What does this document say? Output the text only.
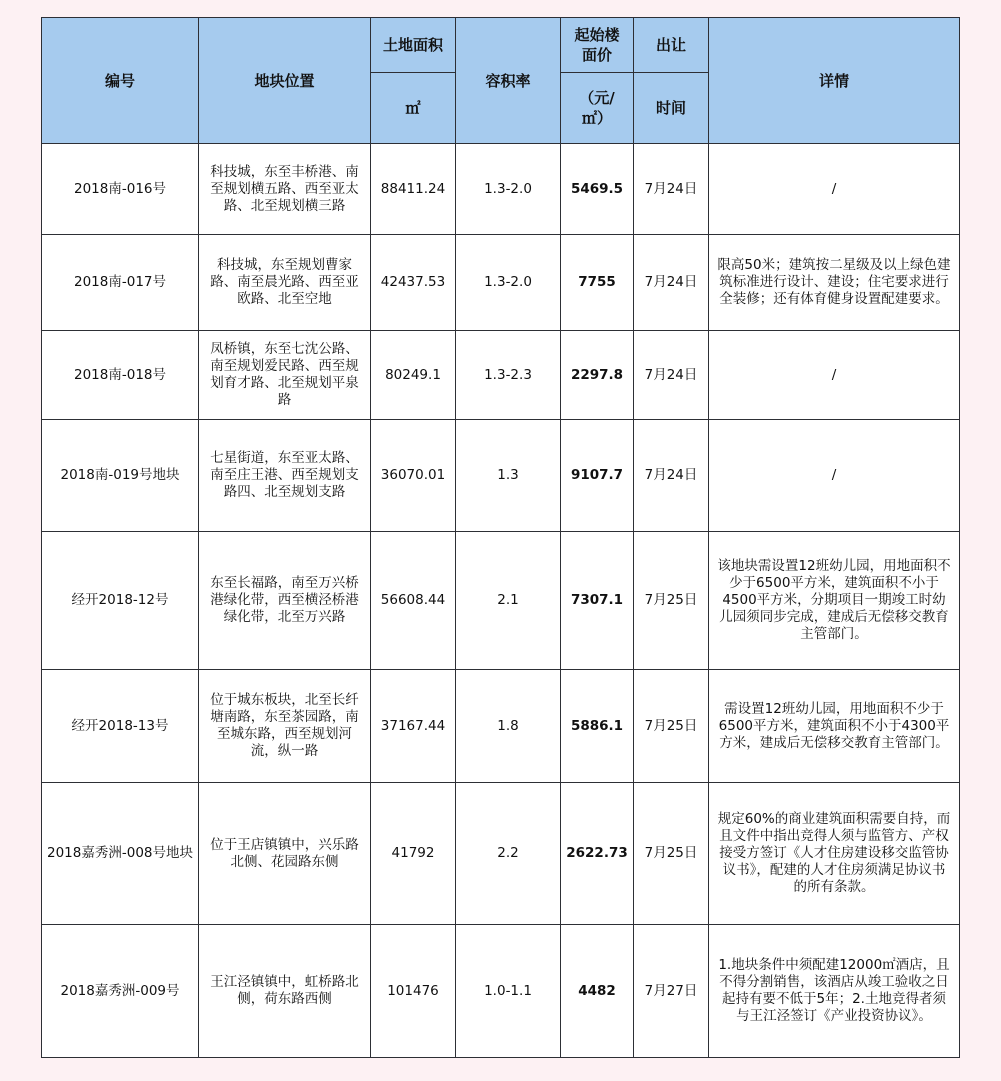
编号	地块位置	土地面积	容积率	起始楼面价	出让	详情
		㎡		（元/㎡）	时间	
2018南-016号	科技城，东至丰桥港、南至规划横五路、西至亚太路、北至规划横三路	88411.24	1.3-2.0	5469.5	7月24日	/
2018南-017号	科技城，东至规划曹家路、南至晨光路、西至亚欧路、北至空地	42437.53	1.3-2.0	7755	7月24日	限高50米；建筑按二星级及以上绿色建筑标准进行设计、建设；住宅要求进行全装修；还有体育健身设置配建要求。
2018南-018号	凤桥镇，东至七沈公路、南至规划爱民路、西至规划育才路、北至规划平泉路	80249.1	1.3-2.3	2297.8	7月24日	/
2018南-019号地块	七星街道，东至亚太路、南至庄王港、西至规划支路四、北至规划支路	36070.01	1.3	9107.7	7月24日	/
经开2018-12号	东至长福路，南至万兴桥港绿化带，西至横泾桥港绿化带，北至万兴路	56608.44	2.1	7307.1	7月25日	该地块需设置12班幼儿园，用地面积不少于6500平方米，建筑面积不小于4500平方米，分期项目一期竣工时幼儿园须同步完成，建成后无偿移交教育主管部门。
经开2018-13号	位于城东板块，北至长纤塘南路，东至茶园路，南至城东路，西至规划河流，纵一路	37167.44	1.8	5886.1	7月25日	需设置12班幼儿园，用地面积不少于6500平方米，建筑面积不小于4300平方米，建成后无偿移交教育主管部门。
2018嘉秀洲-008号地块	位于王店镇镇中，兴乐路北侧、花园路东侧	41792	2.2	2622.73	7月25日	规定60%的商业建筑面积需要自持，而且文件中指出竞得人须与监管方、产权接受方签订《人才住房建设移交监管协议书》，配建的人才住房须满足协议书的所有条款。
2018嘉秀洲-009号	王江泾镇镇中，虹桥路北侧，荷东路西侧	101476	1.0-1.1	4482	7月27日	1.地块条件中须配建12000㎡酒店，且不得分割销售，该酒店从竣工验收之日起持有要不低于5年；2.土地竞得者须与王江泾签订《产业投资协议》。
